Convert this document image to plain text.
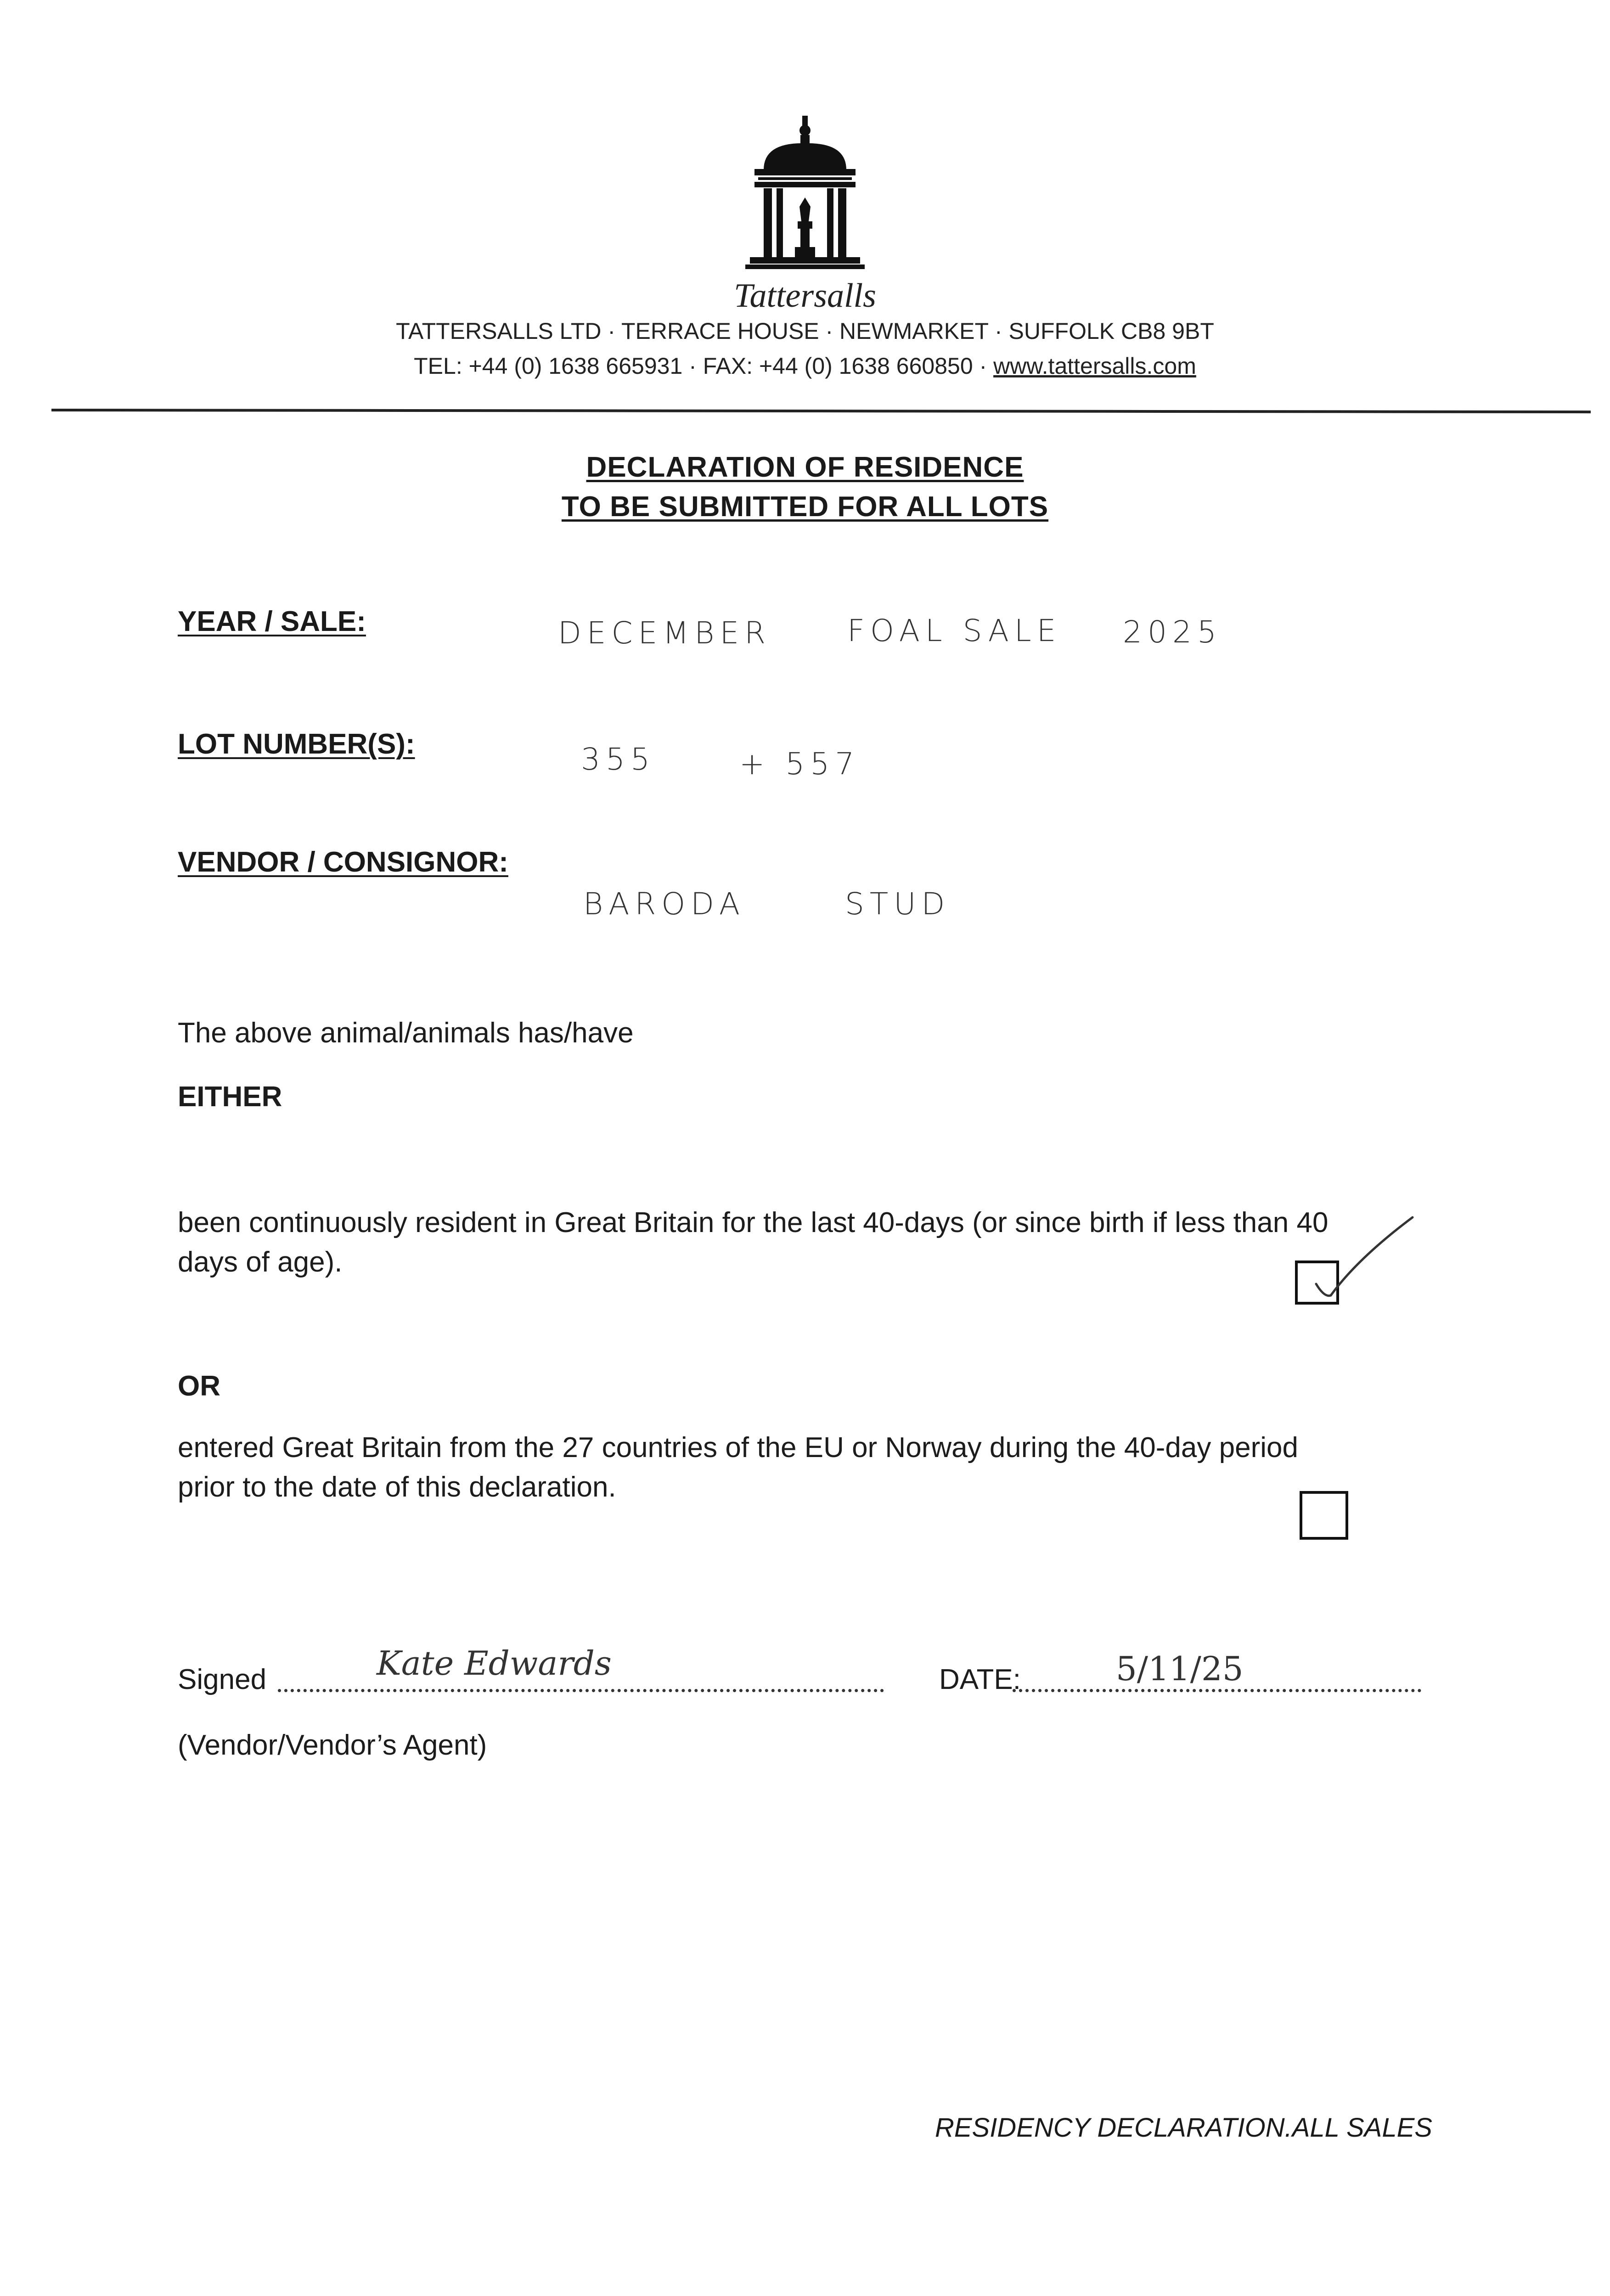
Tattersalls
TATTERSALLS LTD · TERRACE HOUSE · NEWMARKET · SUFFOLK CB8 9BT
TEL: +44 (0) 1638 665931 · FAX: +44 (0) 1638 660850 · www.tattersalls.com
DECLARATION OF RESIDENCE
TO BE SUBMITTED FOR ALL LOTS
YEAR / SALE:	DECEMBER	FOAL SALE 2025
LOT NUMBER(S):	355	+ 557
VENDOR / CONSIGNOR:
BARODA	STUD
The above animal/animals has/have
EITHER
been continuously resident in Great Britain for the last 40-days (or since birth if less than 40
days of age).
OR
entered Great Britain from the 27 countries of the EU or Norway during the 40-day period
prior to the date of this declaration.
Signed	Kate Edwards	DATE:	5/11/25
(Vendor/Vendor’s Agent)
RESIDENCY DECLARATION.ALL SALES
